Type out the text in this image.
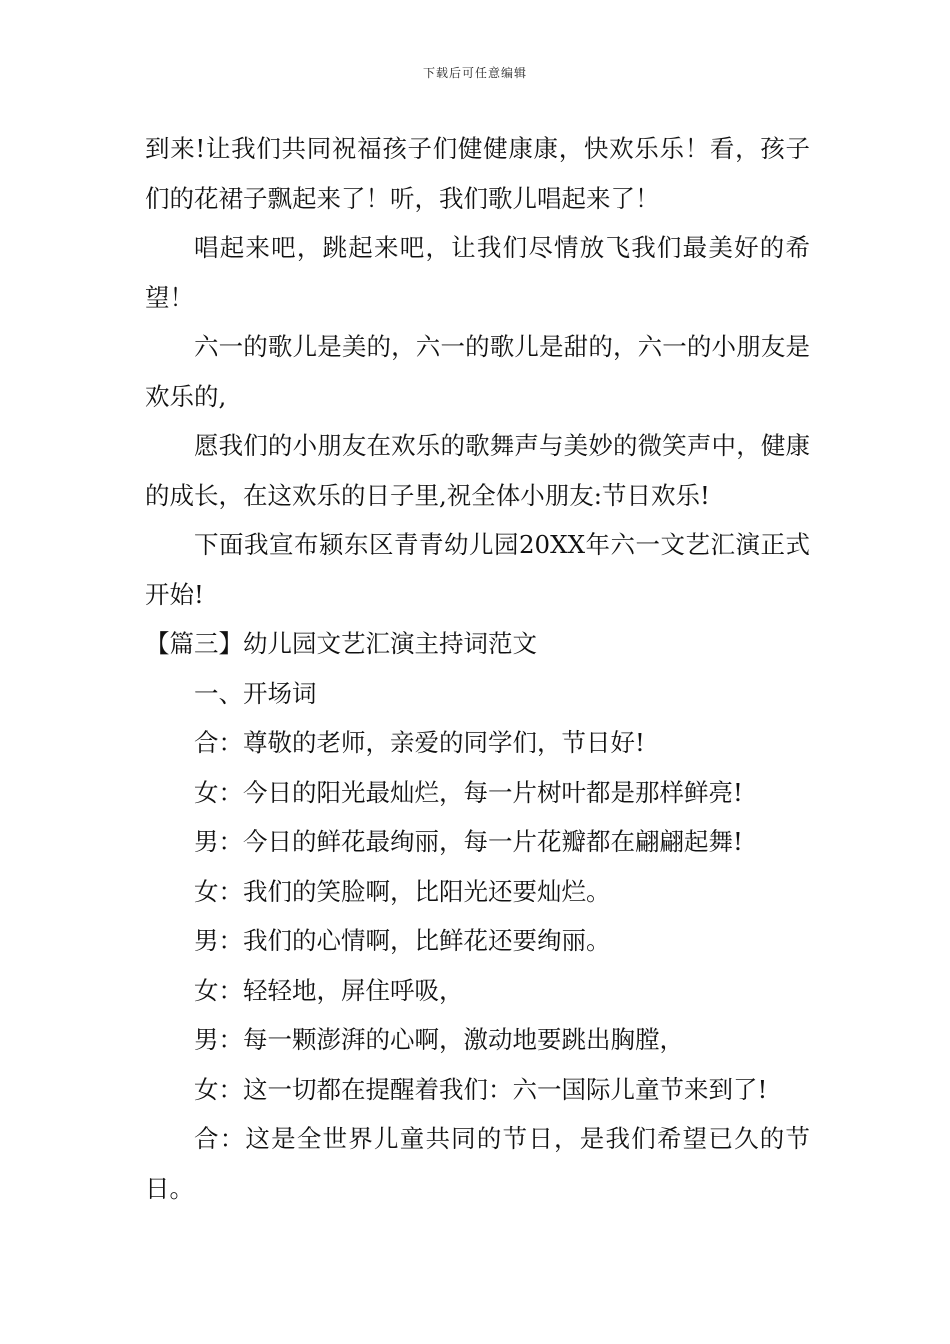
下载后可任意编辑

到来!让我们共同祝福孩子们健健康康，快欢乐乐！看，孩子们的花裙子飘起来了！听，我们歌儿唱起来了！

唱起来吧，跳起来吧，让我们尽情放飞我们最美好的希望！

六一的歌儿是美的，六一的歌儿是甜的，六一的小朋友是欢乐的,

愿我们的小朋友在欢乐的歌舞声与美妙的微笑声中，健康的成长，在这欢乐的日子里,祝全体小朋友:节日欢乐!

下面我宣布颍东区青青幼儿园20XX年六一文艺汇演正式开始!

【篇三】幼儿园文艺汇演主持词范文

一、开场词

合：尊敬的老师，亲爱的同学们，节日好!

女：今日的阳光最灿烂，每一片树叶都是那样鲜亮!

男：今日的鲜花最绚丽，每一片花瓣都在翩翩起舞!

女：我们的笑脸啊，比阳光还要灿烂。

男：我们的心情啊，比鲜花还要绚丽。

女：轻轻地，屏住呼吸，

男：每一颗澎湃的心啊，激动地要跳出胸膛，

女：这一切都在提醒着我们：六一国际儿童节来到了!

合：这是全世界儿童共同的节日，是我们希望已久的节日。
